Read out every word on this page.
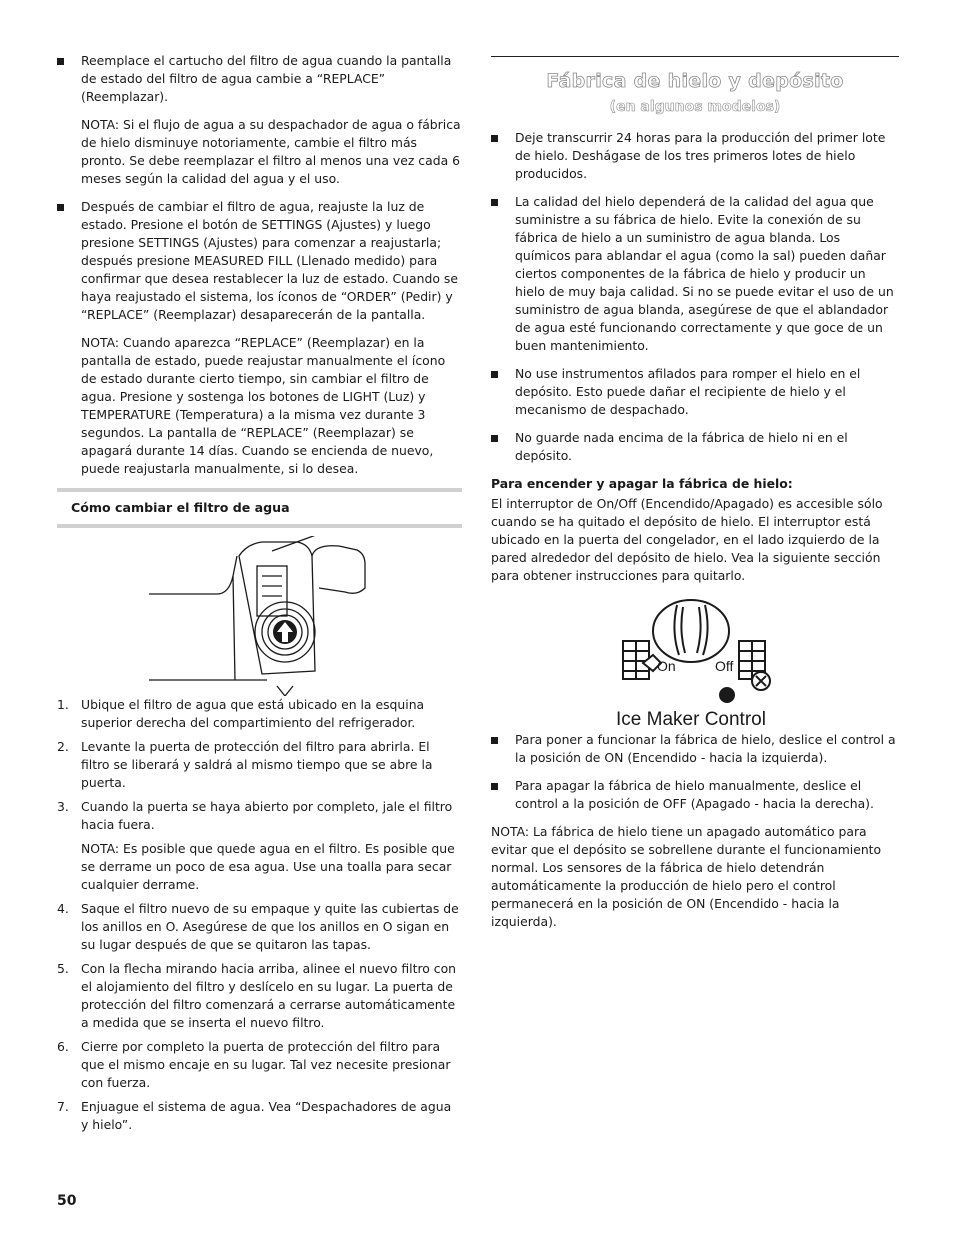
Reemplace el cartucho del filtro de agua cuando la pantalla de estado del filtro de agua cambie a “REPLACE” (Reemplazar).
NOTA: Si el flujo de agua a su despachador de agua o fábrica de hielo disminuye notoriamente, cambie el filtro más pronto. Se debe reemplazar el filtro al menos una vez cada 6 meses según la calidad del agua y el uso.
Después de cambiar el filtro de agua, reajuste la luz de estado. Presione el botón de SETTINGS (Ajustes) y luego presione SETTINGS (Ajustes) para comenzar a reajustarla; después presione MEASURED FILL (Llenado medido) para confirmar que desea restablecer la luz de estado. Cuando se haya reajustado el sistema, los íconos de “ORDER” (Pedir) y “REPLACE” (Reemplazar) desaparecerán de la pantalla.
NOTA: Cuando aparezca “REPLACE” (Reemplazar) en la pantalla de estado, puede reajustar manualmente el ícono de estado durante cierto tiempo, sin cambiar el filtro de agua. Presione y sostenga los botones de LIGHT (Luz) y TEMPERATURE (Temperatura) a la misma vez durante 3 segundos. La pantalla de “REPLACE” (Reemplazar) se apagará durante 14 días. Cuando se encienda de nuevo, puede reajustarla manualmente, si lo desea.
Cómo cambiar el filtro de agua
1. Ubique el filtro de agua que está ubicado en la esquina superior derecha del compartimiento del refrigerador.
2. Levante la puerta de protección del filtro para abrirla. El filtro se liberará y saldrá al mismo tiempo que se abre la puerta.
3. Cuando la puerta se haya abierto por completo, jale el filtro hacia fuera.
NOTA: Es posible que quede agua en el filtro. Es posible que se derrame un poco de esa agua. Use una toalla para secar cualquier derrame.
4. Saque el filtro nuevo de su empaque y quite las cubiertas de los anillos en O. Asegúrese de que los anillos en O sigan en su lugar después de que se quitaron las tapas.
5. Con la flecha mirando hacia arriba, alinee el nuevo filtro con el alojamiento del filtro y deslícelo en su lugar. La puerta de protección del filtro comenzará a cerrarse automáticamente a medida que se inserta el nuevo filtro.
6. Cierre por completo la puerta de protección del filtro para que el mismo encaje en su lugar. Tal vez necesite presionar con fuerza.
7. Enjuague el sistema de agua. Vea “Despachadores de agua y hielo”.
Fábrica de hielo y depósito
(en algunos modelos)
Deje transcurrir 24 horas para la producción del primer lote de hielo. Deshágase de los tres primeros lotes de hielo producidos.
La calidad del hielo dependerá de la calidad del agua que suministre a su fábrica de hielo. Evite la conexión de su fábrica de hielo a un suministro de agua blanda. Los químicos para ablandar el agua (como la sal) pueden dañar ciertos componentes de la fábrica de hielo y producir un hielo de muy baja calidad. Si no se puede evitar el uso de un suministro de agua blanda, asegúrese de que el ablandador de agua esté funcionando correctamente y que goce de un buen mantenimiento.
No use instrumentos afilados para romper el hielo en el depósito. Esto puede dañar el recipiente de hielo y el mecanismo de despachado.
No guarde nada encima de la fábrica de hielo ni en el depósito.
Para encender y apagar la fábrica de hielo:
El interruptor de On/Off (Encendido/Apagado) es accesible sólo cuando se ha quitado el depósito de hielo. El interruptor está ubicado en la puerta del congelador, en el lado izquierdo de la pared alrededor del depósito de hielo. Vea la siguiente sección para obtener instrucciones para quitarlo.
On	Off
Ice Maker Control
Para poner a funcionar la fábrica de hielo, deslice el control a la posición de ON (Encendido - hacia la izquierda).
Para apagar la fábrica de hielo manualmente, deslice el control a la posición de OFF (Apagado - hacia la derecha).
NOTA: La fábrica de hielo tiene un apagado automático para evitar que el depósito se sobrellene durante el funcionamiento normal. Los sensores de la fábrica de hielo detendrán automáticamente la producción de hielo pero el control permanecerá en la posición de ON (Encendido - hacia la izquierda).
50
